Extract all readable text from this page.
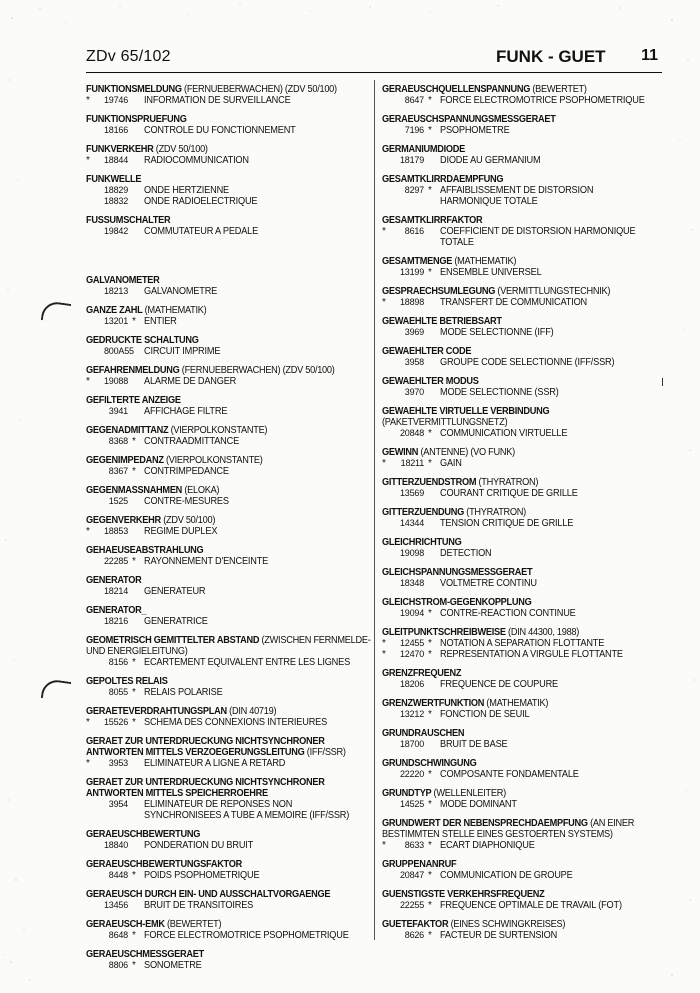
ZDv 65/102	FUNK - GUET 11
FUNKTIONSMELDUNG (FERNUEBERWACHEN) (ZDV 50/100)
*	19746 INFORMATION DE SURVEILLANCE
FUNKTIONSPRUEFUNG
18166 CONTROLE DU FONCTIONNEMENT
FUNKVERKEHR (ZDV 50/100)
*	18844 RADIOCOMMUNICATION
FUNKWELLE
18829 ONDE HERTZIENNE
18832 ONDE RADIOELECTRIQUE
FUSSUMSCHALTER
19842 COMMUTATEUR A PEDALE
GALVANOMETER
18213 GALVANOMETRE
GANZE ZAHL (MATHEMATIK)
13201 * ENTIER
GEDRUCKTE SCHALTUNG
800A55 CIRCUIT IMPRIME
GEFAHRENMELDUNG (FERNUEBERWACHEN) (ZDV 50/100)
*	19088 ALARME DE DANGER
GEFILTERTE ANZEIGE
3941 AFFICHAGE FILTRE
GEGENADMITTANZ (VIERPOLKONSTANTE)
8368 * CONTRAADMITTANCE
GEGENIMPEDANZ (VIERPOLKONSTANTE)
8367 * CONTRIMPEDANCE
GEGENMASSNAHMEN (ELOKA)
1525 CONTRE-MESURES
GEGENVERKEHR (ZDV 50/100)
*	18853 REGIME DUPLEX
GEHAEUSEABSTRAHLUNG
22285 * RAYONNEMENT D'ENCEINTE
GENERATOR
18214 GENERATEUR
GENERATOR_
18216 GENERATRICE
GEOMETRISCH GEMITTELTER ABSTAND (ZWISCHEN FERNMELDE- UND ENERGIELEITUNG)
8156 * ECARTEMENT EQUIVALENT ENTRE LES LIGNES
GEPOLTES RELAIS
8055 * RELAIS POLARISE
GERAETEVERDRAHTUNGSPLAN (DIN 40719)
*	15526 * SCHEMA DES CONNEXIONS INTERIEURES
GERAET ZUR UNTERDRUECKUNG NICHTSYNCHRONER ANTWORTEN MITTELS VERZOEGERUNGSLEITUNG (IFF/SSR)
*	3953 ELIMINATEUR A LIGNE A RETARD
GERAET ZUR UNTERDRUECKUNG NICHTSYNCHRONER ANTWORTEN MITTELS SPEICHERROEHRE
3954 ELIMINATEUR DE REPONSES NON SYNCHRONISEES A TUBE A MEMOIRE (IFF/SSR)
GERAEUSCHBEWERTUNG
18840 PONDERATION DU BRUIT
GERAEUSCHBEWERTUNGSFAKTOR
8448 * POIDS PSOPHOMETRIQUE
GERAEUSCH DURCH EIN- UND AUSSCHALTVORGAENGE
13456 BRUIT DE TRANSITOIRES
GERAEUSCH-EMK (BEWERTET)
8648 * FORCE ELECTROMOTRICE PSOPHOMETRIQUE
GERAEUSCHMESSGERAET
8806 * SONOMETRE
GERAEUSCHQUELLENSPANNUNG (BEWERTET)
8647 * FORCE ELECTROMOTRICE PSOPHOMETRIQUE
GERAEUSCHSPANNUNGSMESSGERAET
7196 * PSOPHOMETRE
GERMANIUMDIODE
18179 DIODE AU GERMANIUM
GESAMTKLIRRDAEMPFUNG
8297 * AFFAIBLISSEMENT DE DISTORSION HARMONIQUE TOTALE
GESAMTKLIRRFAKTOR
*	8616 COEFFICIENT DE DISTORSION HARMONIQUE TOTALE
GESAMTMENGE (MATHEMATIK)
13199 * ENSEMBLE UNIVERSEL
GESPRAECHSUMLEGUNG (VERMITTLUNGSTECHNIK)
*	18898 TRANSFERT DE COMMUNICATION
GEWAEHLTE BETRIEBSART
3969 MODE SELECTIONNE (IFF)
GEWAEHLTER CODE
3958 GROUPE CODE SELECTIONNE (IFF/SSR)
GEWAEHLTER MODUS
3970 MODE SELECTIONNE (SSR)
GEWAEHLTE VIRTUELLE VERBINDUNG (PAKETVERMITTLUNGSNETZ)
20848 * COMMUNICATION VIRTUELLE
GEWINN (ANTENNE) (VO FUNK)
*	18211 * GAIN
GITTERZUENDSTROM (THYRATRON)
13569 COURANT CRITIQUE DE GRILLE
GITTERZUENDUNG (THYRATRON)
14344 TENSION CRITIQUE DE GRILLE
GLEICHRICHTUNG
19098 DETECTION
GLEICHSPANNUNGSMESSGERAET
18348 VOLTMETRE CONTINU
GLEICHSTROM-GEGENKOPPLUNG
19094 * CONTRE-REACTION CONTINUE
GLEITPUNKTSCHREIBWEISE (DIN 44300, 1988)
*	12455 * NOTATION A SEPARATION FLOTTANTE
*	12470 * REPRESENTATION A VIRGULE FLOTTANTE
GRENZFREQUENZ
18206 FREQUENCE DE COUPURE
GRENZWERTFUNKTION (MATHEMATIK)
13212 * FONCTION DE SEUIL
GRUNDRAUSCHEN
18700 BRUIT DE BASE
GRUNDSCHWINGUNG
22220 * COMPOSANTE FONDAMENTALE
GRUNDTYP (WELLENLEITER)
14525 * MODE DOMINANT
GRUNDWERT DER NEBENSPRECHDAEMPFUNG (AN EINER BESTIMMTEN STELLE EINES GESTOERTEN SYSTEMS)
*	8633 * ECART DIAPHONIQUE
GRUPPENANRUF
20847 * COMMUNICATION DE GROUPE
GUENSTIGSTE VERKEHRSFREQUENZ
22255 * FREQUENCE OPTIMALE DE TRAVAIL (FOT)
GUETEFAKTOR (EINES SCHWINGKREISES)
8626 * FACTEUR DE SURTENSION
